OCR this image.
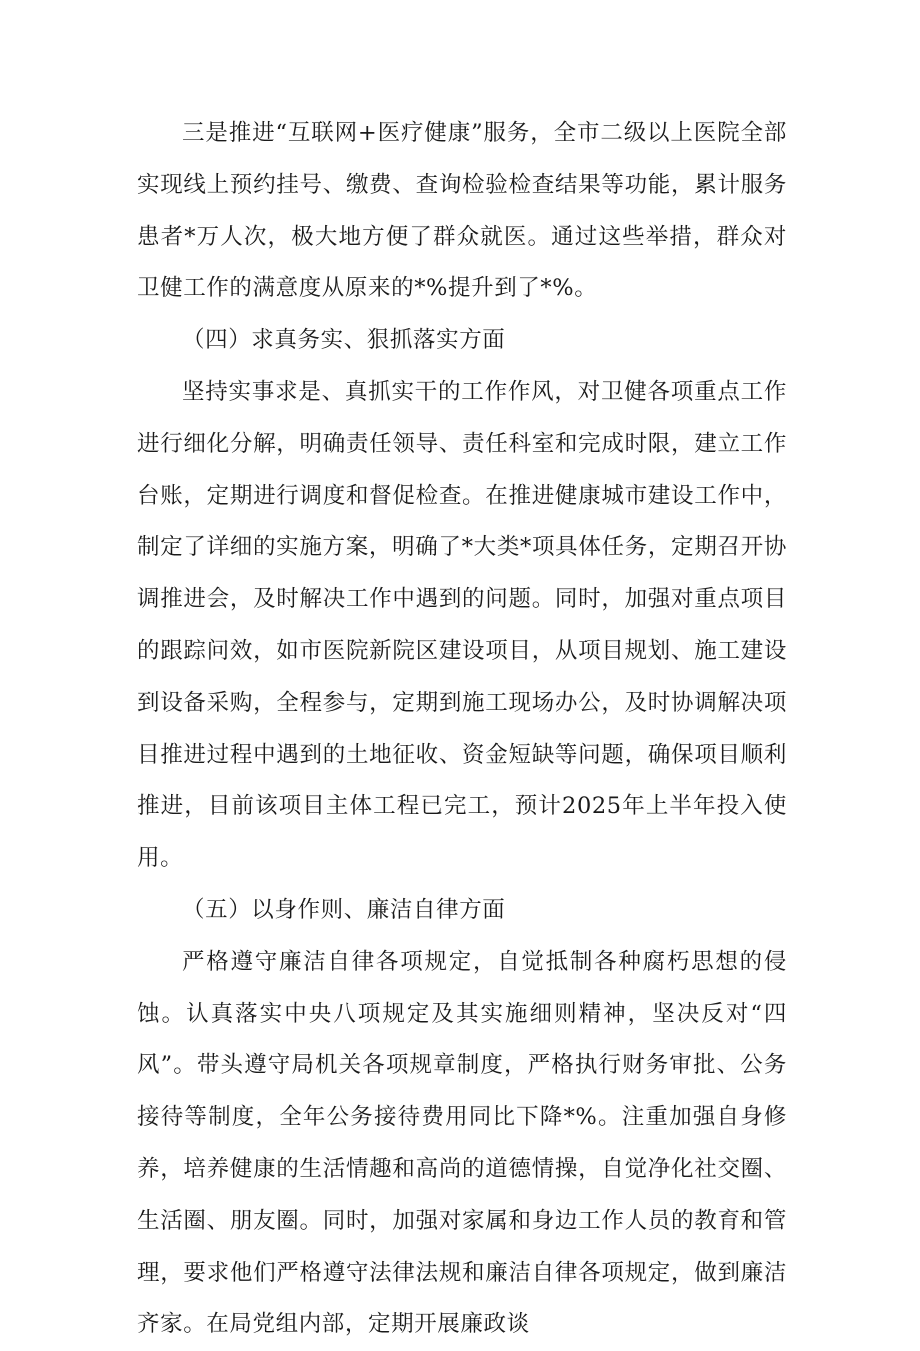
三是推进“互联网+医疗健康”服务，全市二级以上医院全部实现线上预约挂号、缴费、查询检验检查结果等功能，累计服务患者*万人次，极大地方便了群众就医。通过这些举措，群众对卫健工作的满意度从原来的*%提升到了*%。

（四）求真务实、狠抓落实方面

坚持实事求是、真抓实干的工作作风，对卫健各项重点工作进行细化分解，明确责任领导、责任科室和完成时限，建立工作台账，定期进行调度和督促检查。在推进健康城市建设工作中，制定了详细的实施方案，明确了*大类*项具体任务，定期召开协调推进会，及时解决工作中遇到的问题。同时，加强对重点项目的跟踪问效，如市医院新院区建设项目，从项目规划、施工建设到设备采购，全程参与，定期到施工现场办公，及时协调解决项目推进过程中遇到的土地征收、资金短缺等问题，确保项目顺利推进，目前该项目主体工程已完工，预计2025年上半年投入使用。

（五）以身作则、廉洁自律方面

严格遵守廉洁自律各项规定，自觉抵制各种腐朽思想的侵蚀。认真落实中央八项规定及其实施细则精神，坚决反对“四风”。带头遵守局机关各项规章制度，严格执行财务审批、公务接待等制度，全年公务接待费用同比下降*%。注重加强自身修养，培养健康的生活情趣和高尚的道德情操，自觉净化社交圈、生活圈、朋友圈。同时，加强对家属和身边工作人员的教育和管理，要求他们严格遵守法律法规和廉洁自律各项规定，做到廉洁齐家。在局党组内部，定期开展廉政谈
